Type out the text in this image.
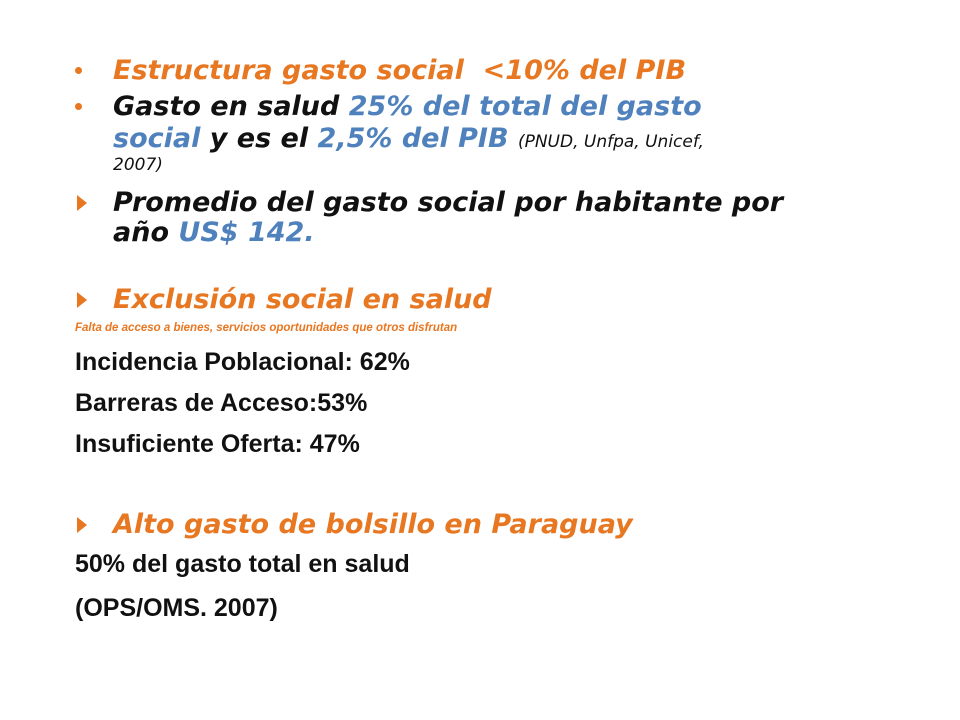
Estructura gasto social <10% del PIB
Gasto en salud 25% del total del gasto
social y es el 2,5% del PIB (PNUD, Unfpa, Unicef,
2007)
Promedio del gasto social por habitante por
año US$ 142.
Exclusión social en salud
Falta de acceso a bienes, servicios oportunidades que otros disfrutan
Incidencia Poblacional: 62%
Barreras de Acceso:53%
Insuficiente Oferta: 47%
Alto gasto de bolsillo en Paraguay
50% del gasto total en salud
(OPS/OMS. 2007)
